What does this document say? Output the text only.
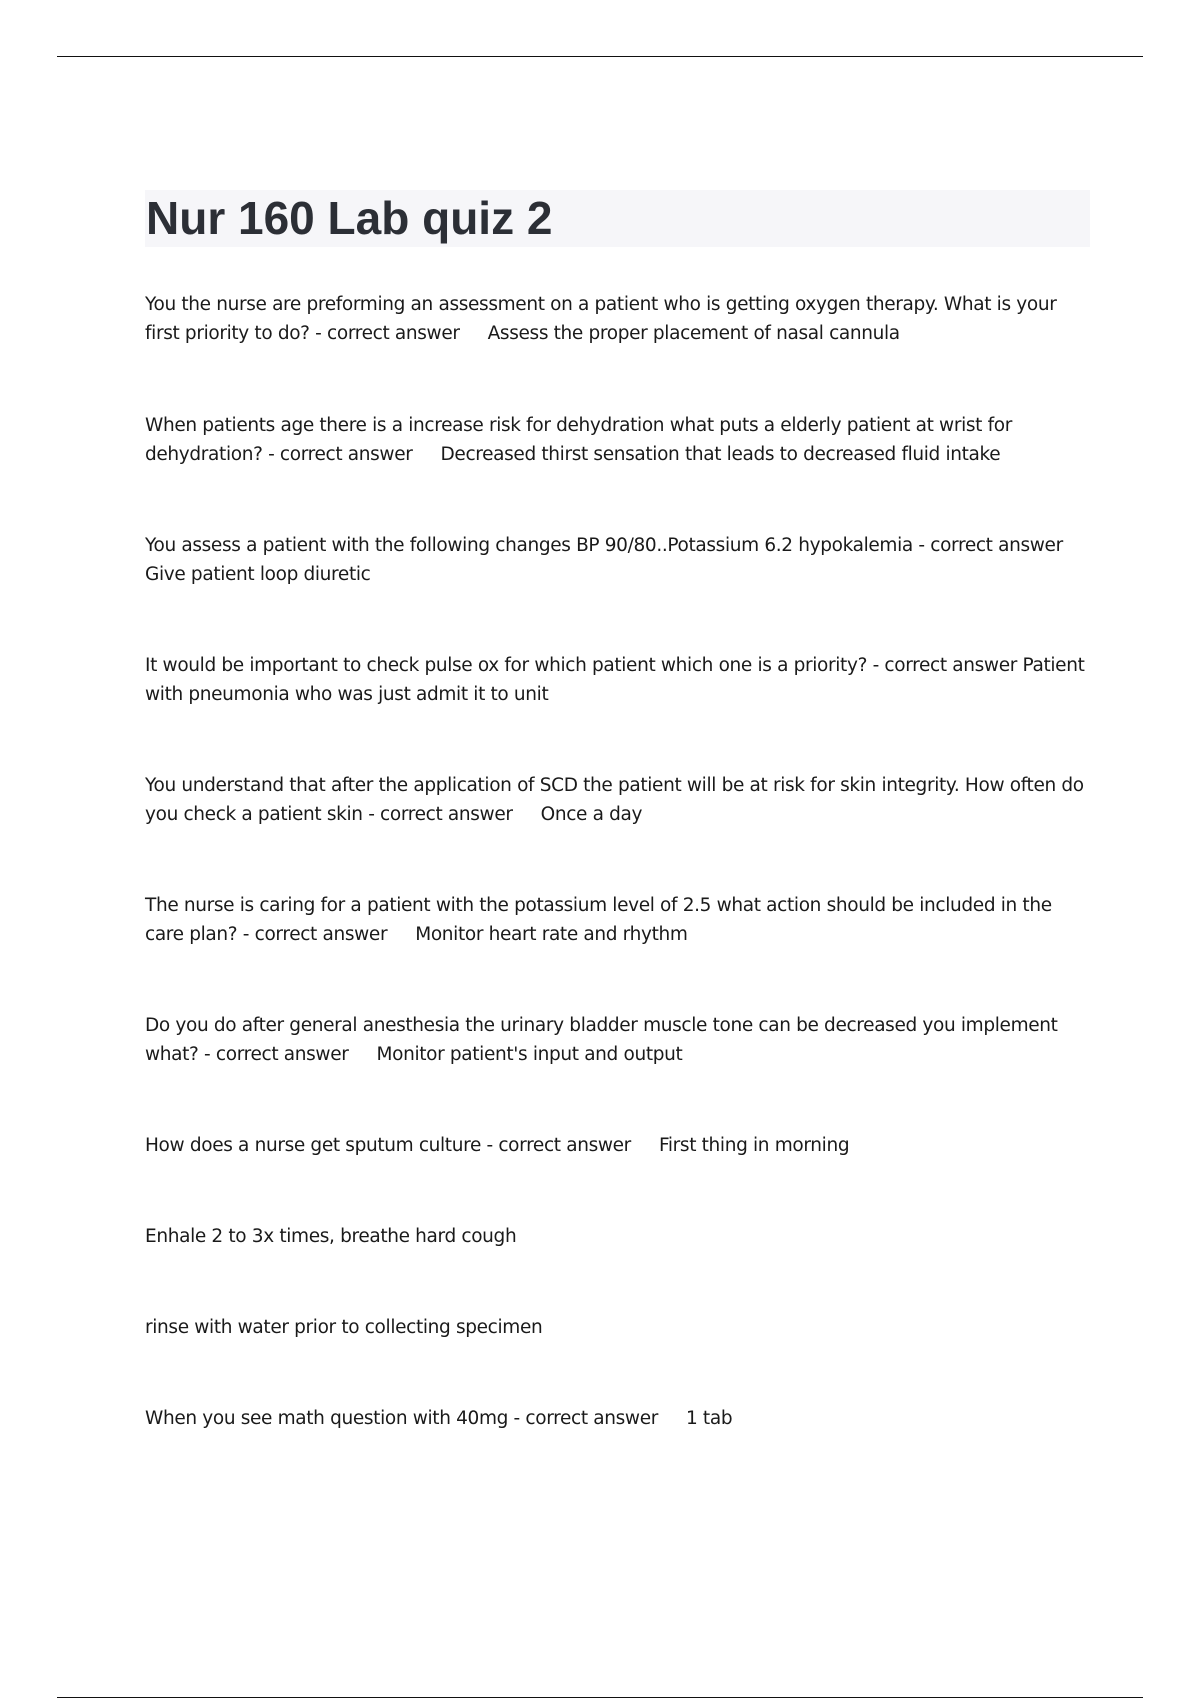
Nur 160 Lab quiz 2

You the nurse are preforming an assessment on a patient who is getting oxygen therapy. What is your first priority to do? - correct answer Assess the proper placement of nasal cannula

When patients age there is a increase risk for dehydration what puts a elderly patient at wrist for dehydration? - correct answer Decreased thirst sensation that leads to decreased fluid intake

You assess a patient with the following changes BP 90/80..Potassium 6.2 hypokalemia - correct answer Give patient loop diuretic

It would be important to check pulse ox for which patient which one is a priority? - correct answer Patient with pneumonia who was just admit it to unit

You understand that after the application of SCD the patient will be at risk for skin integrity. How often do you check a patient skin - correct answer Once a day

The nurse is caring for a patient with the potassium level of 2.5 what action should be included in the care plan? - correct answer Monitor heart rate and rhythm

Do you do after general anesthesia the urinary bladder muscle tone can be decreased you implement what? - correct answer Monitor patient's input and output

How does a nurse get sputum culture - correct answer First thing in morning

Enhale 2 to 3x times, breathe hard cough

rinse with water prior to collecting specimen

When you see math question with 40mg - correct answer 1 tab
